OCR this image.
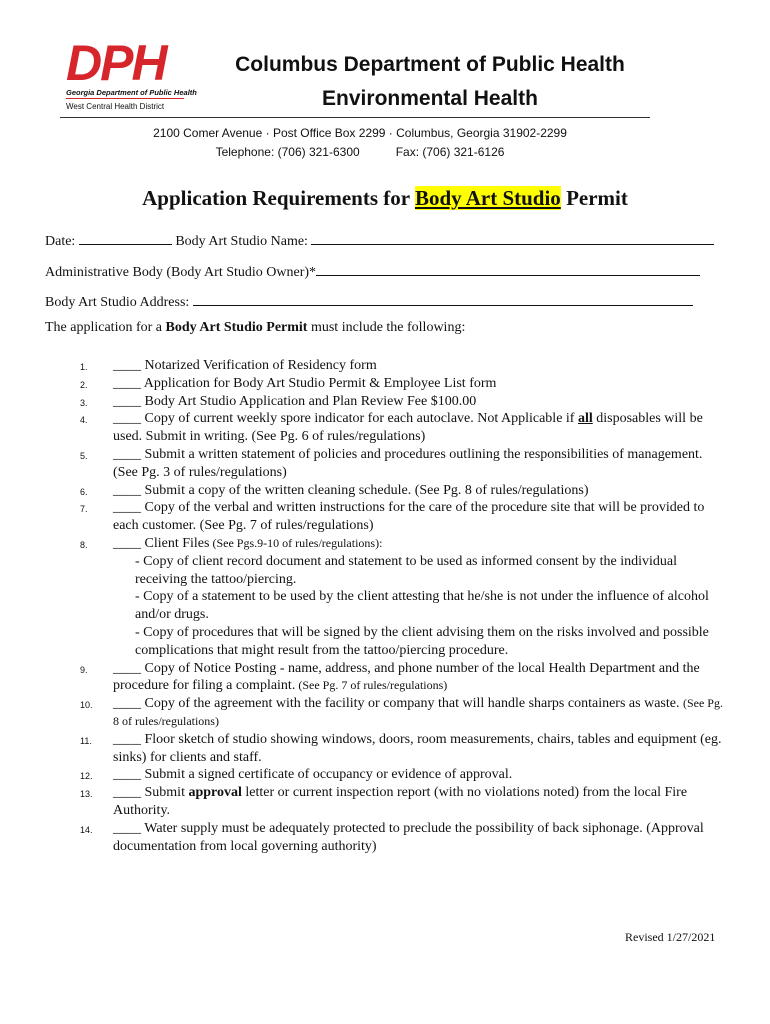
DPH
Georgia Department of Public Health
West Central Health District
Columbus Department of Public Health
Environmental Health
2100 Comer Avenue · Post Office Box 2299 · Columbus, Georgia 31902-2299
Telephone: (706) 321-6300	Fax: (706) 321-6126
Application Requirements for Body Art Studio Permit
Date:	Body Art Studio Name:
Administrative Body (Body Art Studio Owner)*
Body Art Studio Address:
The application for a Body Art Studio Permit must include the following:
1. ____ Notarized Verification of Residency form
2. ____ Application for Body Art Studio Permit & Employee List form
3. ____ Body Art Studio Application and Plan Review Fee $100.00
4. ____ Copy of current weekly spore indicator for each autoclave. Not Applicable if all disposables will be used. Submit in writing. (See Pg. 6 of rules/regulations)
5. ____ Submit a written statement of policies and procedures outlining the responsibilities of management. (See Pg. 3 of rules/regulations)
6. ____ Submit a copy of the written cleaning schedule. (See Pg. 8 of rules/regulations)
7. ____ Copy of the verbal and written instructions for the care of the procedure site that will be provided to each customer. (See Pg. 7 of rules/regulations)
8. ____ Client Files (See Pgs.9-10 of rules/regulations):
- Copy of client record document and statement to be used as informed consent by the individual receiving the tattoo/piercing.
- Copy of a statement to be used by the client attesting that he/she is not under the influence of alcohol and/or drugs.
- Copy of procedures that will be signed by the client advising them on the risks involved and possible complications that might result from the tattoo/piercing procedure.
9. ____ Copy of Notice Posting - name, address, and phone number of the local Health Department and the procedure for filing a complaint. (See Pg. 7 of rules/regulations)
10. ____ Copy of the agreement with the facility or company that will handle sharps containers as waste. (See Pg. 8 of rules/regulations)
11. ____ Floor sketch of studio showing windows, doors, room measurements, chairs, tables and equipment (eg. sinks) for clients and staff.
12. ____ Submit a signed certificate of occupancy or evidence of approval.
13. ____ Submit approval letter or current inspection report (with no violations noted) from the local Fire Authority.
14. ____ Water supply must be adequately protected to preclude the possibility of back siphonage. (Approval documentation from local governing authority)
Revised 1/27/2021
